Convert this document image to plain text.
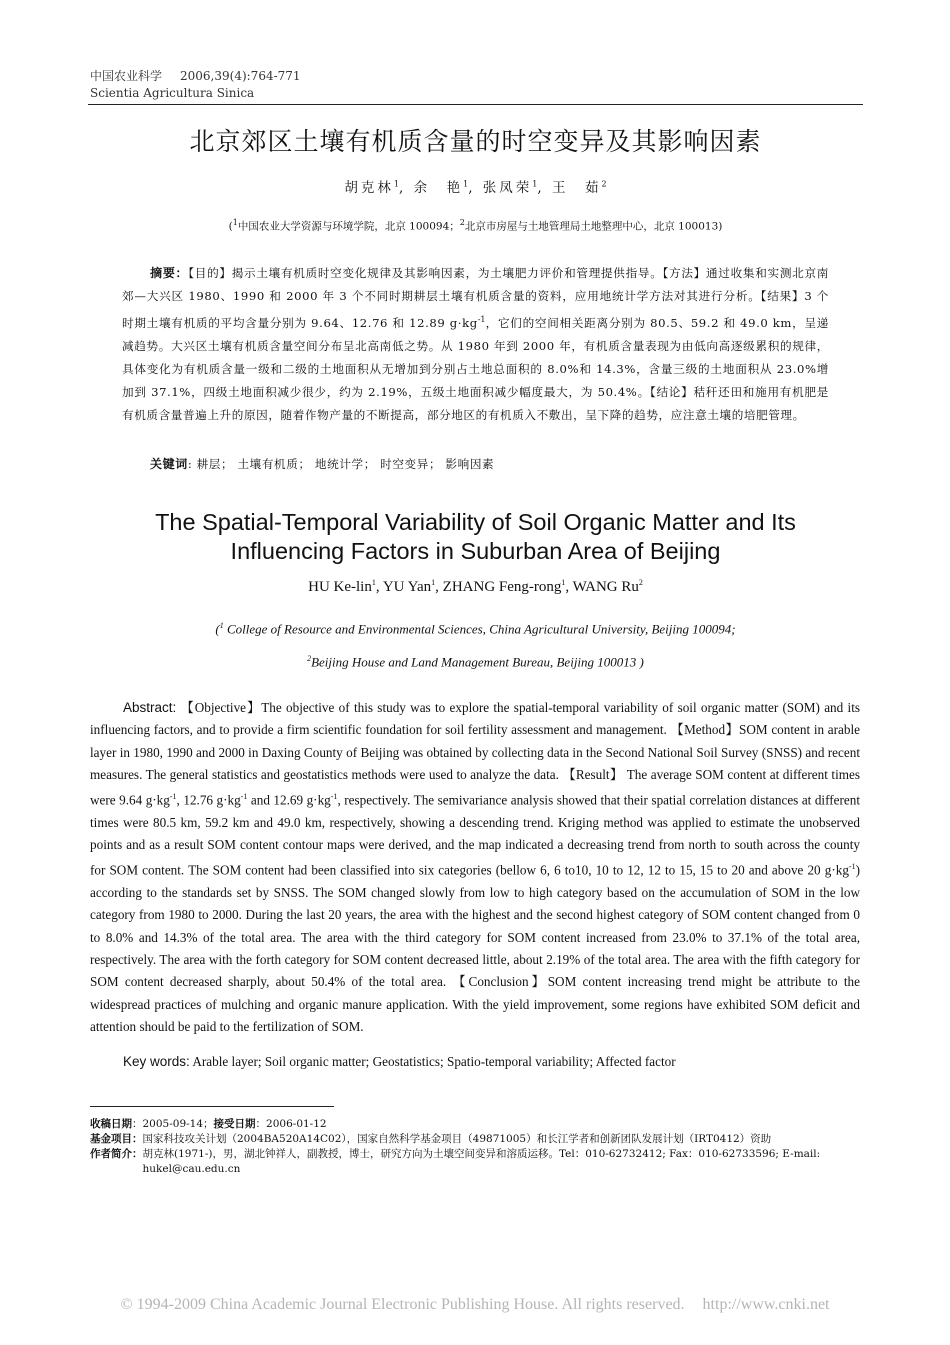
中国农业科学 2006,39(4):764-771
Scientia Agricultura Sinica
北京郊区土壤有机质含量的时空变异及其影响因素
胡克林$^1$, 余　艳$^1$, 张凤荣$^1$, 王　茹$^2$
($^1$中国农业大学资源与环境学院，北京 100094；$^2$北京市房屋与土地管理局土地整理中心，北京 100013)
摘要：【目的】揭示土壤有机质时空变化规律及其影响因素，为土壤肥力评价和管理提供指导。【方法】通过收集和实测北京南郊—大兴区 1980、1990 和 2000 年 3 个不同时期耕层土壤有机质含量的资料，应用地统计学方法对其进行分析。【结果】3 个时期土壤有机质的平均含量分别为 9.64、12.76 和 12.89 $g\cdot kg^{-1}$，它们的空间相关距离分别为 80.5、59.2 和 49.0 km，呈递减趋势。大兴区土壤有机质含量空间分布呈北高南低之势。从 1980 年到 2000 年，有机质含量表现为由低向高逐级累积的规律，具体变化为有机质含量一级和二级的土地面积从无增加到分别占土地总面积的 8.0%和 14.3%，含量三级的土地面积从 23.0%增加到 37.1%，四级土地面积减少很少，约为 2.19%，五级土地面积减少幅度最大，为 50.4%。【结论】秸秆还田和施用有机肥是有机质含量普遍上升的原因，随着作物产量的不断提高，部分地区的有机质入不敷出，呈下降的趋势，应注意土壤的培肥管理。
关键词: 耕层； 土壤有机质； 地统计学； 时空变异； 影响因素
The Spatial-Temporal Variability of Soil Organic Matter and Its
Influencing Factors in Suburban Area of Beijing
HU Ke-lin$^1$, YU Yan$^1$, ZHANG Feng-rong$^1$, WANG Ru$^2$
($^1$ College of Resource and Environmental Sciences, China Agricultural University, Beijing 100094;
$^2$Beijing House and Land Management Bureau, Beijing 100013 )
Abstract: 【Objective】The objective of this study was to explore the spatial-temporal variability of soil organic matter (SOM) and its influencing factors, and to provide a firm scientific foundation for soil fertility assessment and management. 【Method】SOM content in arable layer in 1980, 1990 and 2000 in Daxing County of Beijing was obtained by collecting data in the Second National Soil Survey (SNSS) and recent measures. The general statistics and geostatistics methods were used to analyze the data. 【Result】 The average SOM content at different times were 9.64 $g\cdot kg^{-1}$, 12.76 $g\cdot kg^{-1}$ and 12.69 $g\cdot kg^{-1}$, respectively. The semivariance analysis showed that their spatial correlation distances at different times were 80.5 km, 59.2 km and 49.0 km, respectively, showing a descending trend. Kriging method was applied to estimate the unobserved points and as a result SOM content contour maps were derived, and the map indicated a decreasing trend from north to south across the county for SOM content. The SOM content had been classified into six categories (bellow 6, 6 to10, 10 to 12, 12 to 15, 15 to 20 and above 20 $g\cdot kg^{-1}$) according to the standards set by SNSS. The SOM changed slowly from low to high category based on the accumulation of SOM in the low category from 1980 to 2000. During the last 20 years, the area with the highest and the second highest category of SOM content changed from 0 to 8.0% and 14.3% of the total area. The area with the third category for SOM content increased from 23.0% to 37.1% of the total area, respectively. The area with the forth category for SOM content decreased little, about 2.19% of the total area. The area with the fifth category for SOM content decreased sharply, about 50.4% of the total area. 【Conclusion】SOM content increasing trend might be attribute to the widespread practices of mulching and organic manure application. With the yield improvement, some regions have exhibited SOM deficit and attention should be paid to the fertilization of SOM.
Key words: Arable layer; Soil organic matter; Geostatistics; Spatio-temporal variability; Affected factor
收稿日期：2005-09-14；接受日期：2006-01-12
基金项目： 国家科技攻关计划（2004BA520A14C02），国家自然科学基金项目（49871005）和长江学者和创新团队发展计划（IRT0412）资助
作者简介： 胡克林(1971-)，男，湖北钟祥人，副教授，博士，研究方向为土壤空间变异和溶质运移。Tel：010-62732412; Fax：010-62733596; E-mail: hukel@cau.edu.cn
© 1994-2009 China Academic Journal Electronic Publishing House. All rights reserved. http://www.cnki.net
